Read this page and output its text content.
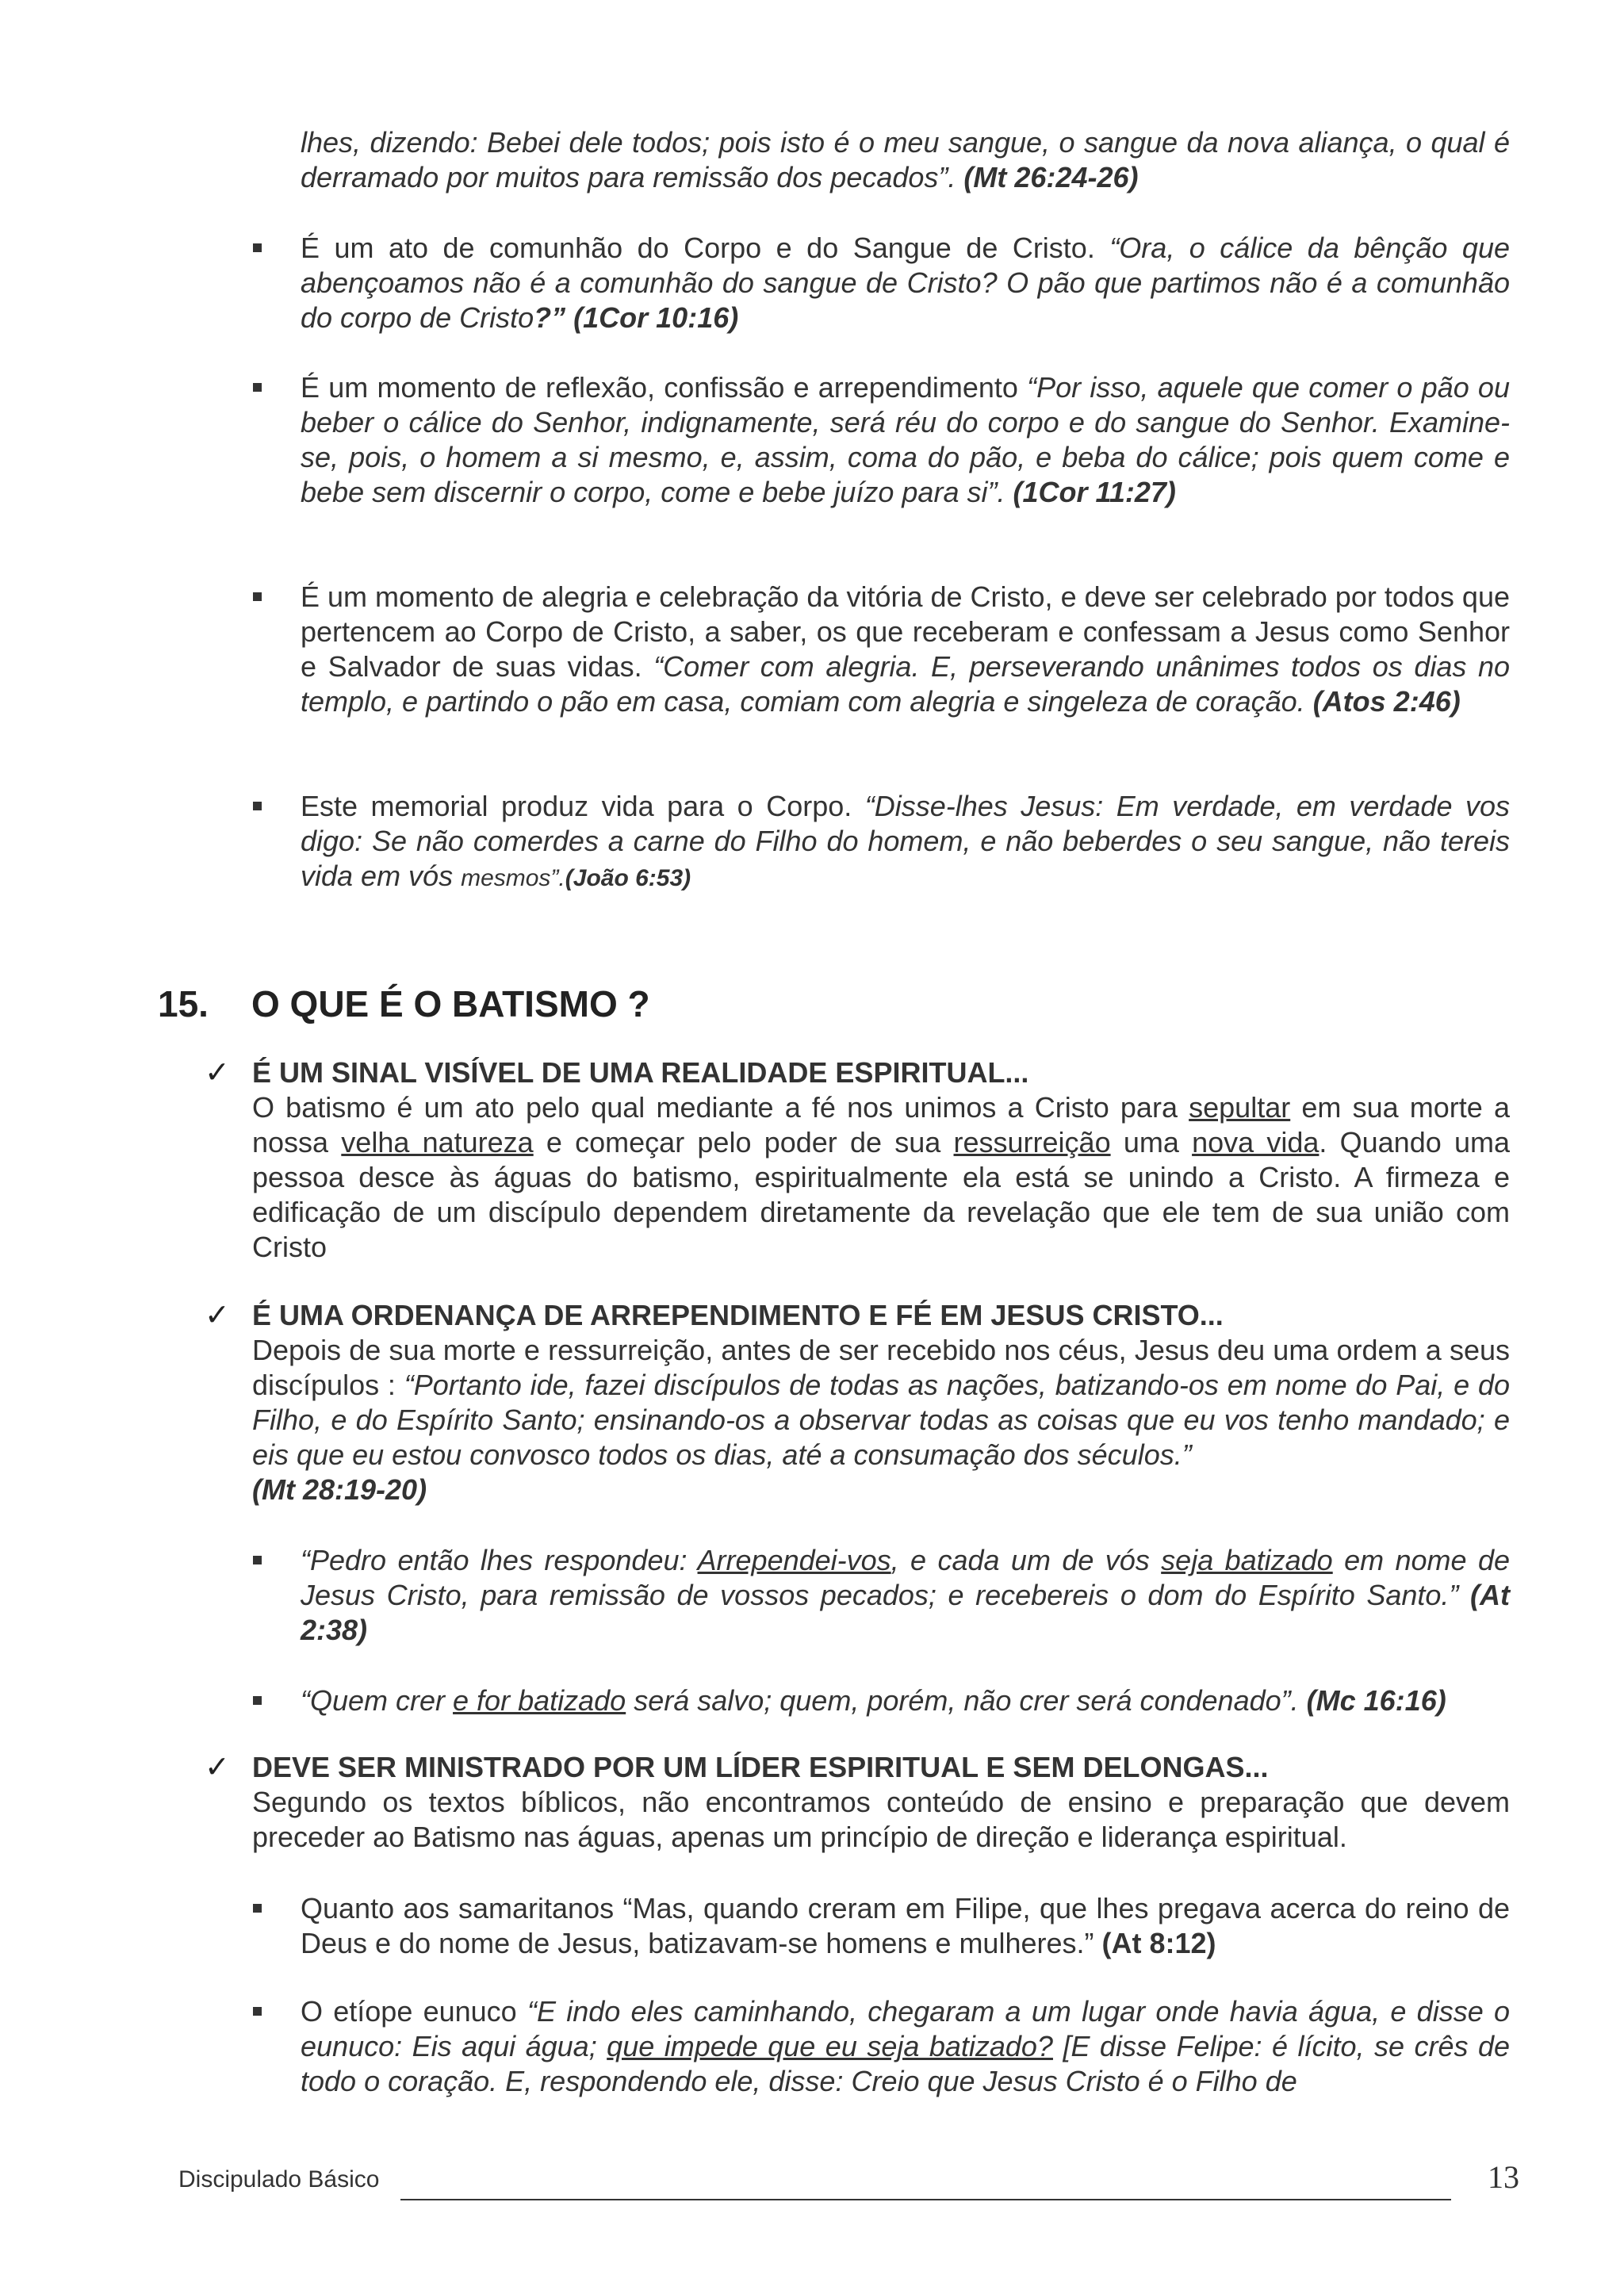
lhes, dizendo: Bebei dele todos; pois isto é o meu sangue, o sangue da nova aliança, o qual é derramado por muitos para remissão dos pecados”. (Mt 26:24-26)
É um ato de comunhão do Corpo e do Sangue de Cristo. “Ora, o cálice da bênção que abençoamos não é a comunhão do sangue de Cristo? O pão que partimos não é a comunhão do corpo de Cristo?” (1Cor 10:16)
É um momento de reflexão, confissão e arrependimento “Por isso, aquele que comer o pão ou beber o cálice do Senhor, indignamente, será réu do corpo e do sangue do Senhor. Examine-se, pois, o homem a si mesmo, e, assim, coma do pão, e beba do cálice; pois quem come e bebe sem discernir o corpo, come e bebe juízo para si”. (1Cor 11:27)
É um momento de alegria e celebração da vitória de Cristo, e deve ser celebrado por todos que pertencem ao Corpo de Cristo, a saber, os que receberam e confessam a Jesus como Senhor e Salvador de suas vidas. “Comer com alegria. E, perseverando unânimes todos os dias no templo, e partindo o pão em casa, comiam com alegria e singeleza de coração. (Atos 2:46)
Este memorial produz vida para o Corpo. “Disse-lhes Jesus: Em verdade, em verdade vos digo: Se não comerdes a carne do Filho do homem, e não beberdes o seu sangue, não tereis vida em vós mesmos”.(João 6:53)
15. O QUE É O BATISMO ?
✓ É UM SINAL VISÍVEL DE UMA REALIDADE ESPIRITUAL...
O batismo é um ato pelo qual mediante a fé nos unimos a Cristo para sepultar em sua morte a nossa velha natureza e começar pelo poder de sua ressurreição uma nova vida. Quando uma pessoa desce às águas do batismo, espiritualmente ela está se unindo a Cristo. A firmeza e edificação de um discípulo dependem diretamente da revelação que ele tem de sua união com Cristo
✓ É UMA ORDENANÇA DE ARREPENDIMENTO E FÉ EM JESUS CRISTO...
Depois de sua morte e ressurreição, antes de ser recebido nos céus, Jesus deu uma ordem a seus discípulos : “Portanto ide, fazei discípulos de todas as nações, batizando-os em nome do Pai, e do Filho, e do Espírito Santo; ensinando-os a observar todas as coisas que eu vos tenho mandado; e eis que eu estou convosco todos os dias, até a consumação dos séculos.”
(Mt 28:19-20)
“Pedro então lhes respondeu: Arrependei-vos, e cada um de vós seja batizado em nome de Jesus Cristo, para remissão de vossos pecados; e recebereis o dom do Espírito Santo.” (At 2:38)
“Quem crer e for batizado será salvo; quem, porém, não crer será condenado”. (Mc 16:16)
✓ DEVE SER MINISTRADO POR UM LÍDER ESPIRITUAL E SEM DELONGAS...
Segundo os textos bíblicos, não encontramos conteúdo de ensino e preparação que devem preceder ao Batismo nas águas, apenas um princípio de direção e liderança espiritual.
Quanto aos samaritanos “Mas, quando creram em Filipe, que lhes pregava acerca do reino de Deus e do nome de Jesus, batizavam-se homens e mulheres.” (At 8:12)
O etíope eunuco “E indo eles caminhando, chegaram a um lugar onde havia água, e disse o eunuco: Eis aqui água; que impede que eu seja batizado? [E disse Felipe: é lícito, se crês de todo o coração. E, respondendo ele, disse: Creio que Jesus Cristo é o Filho de
Discipulado Básico	13
